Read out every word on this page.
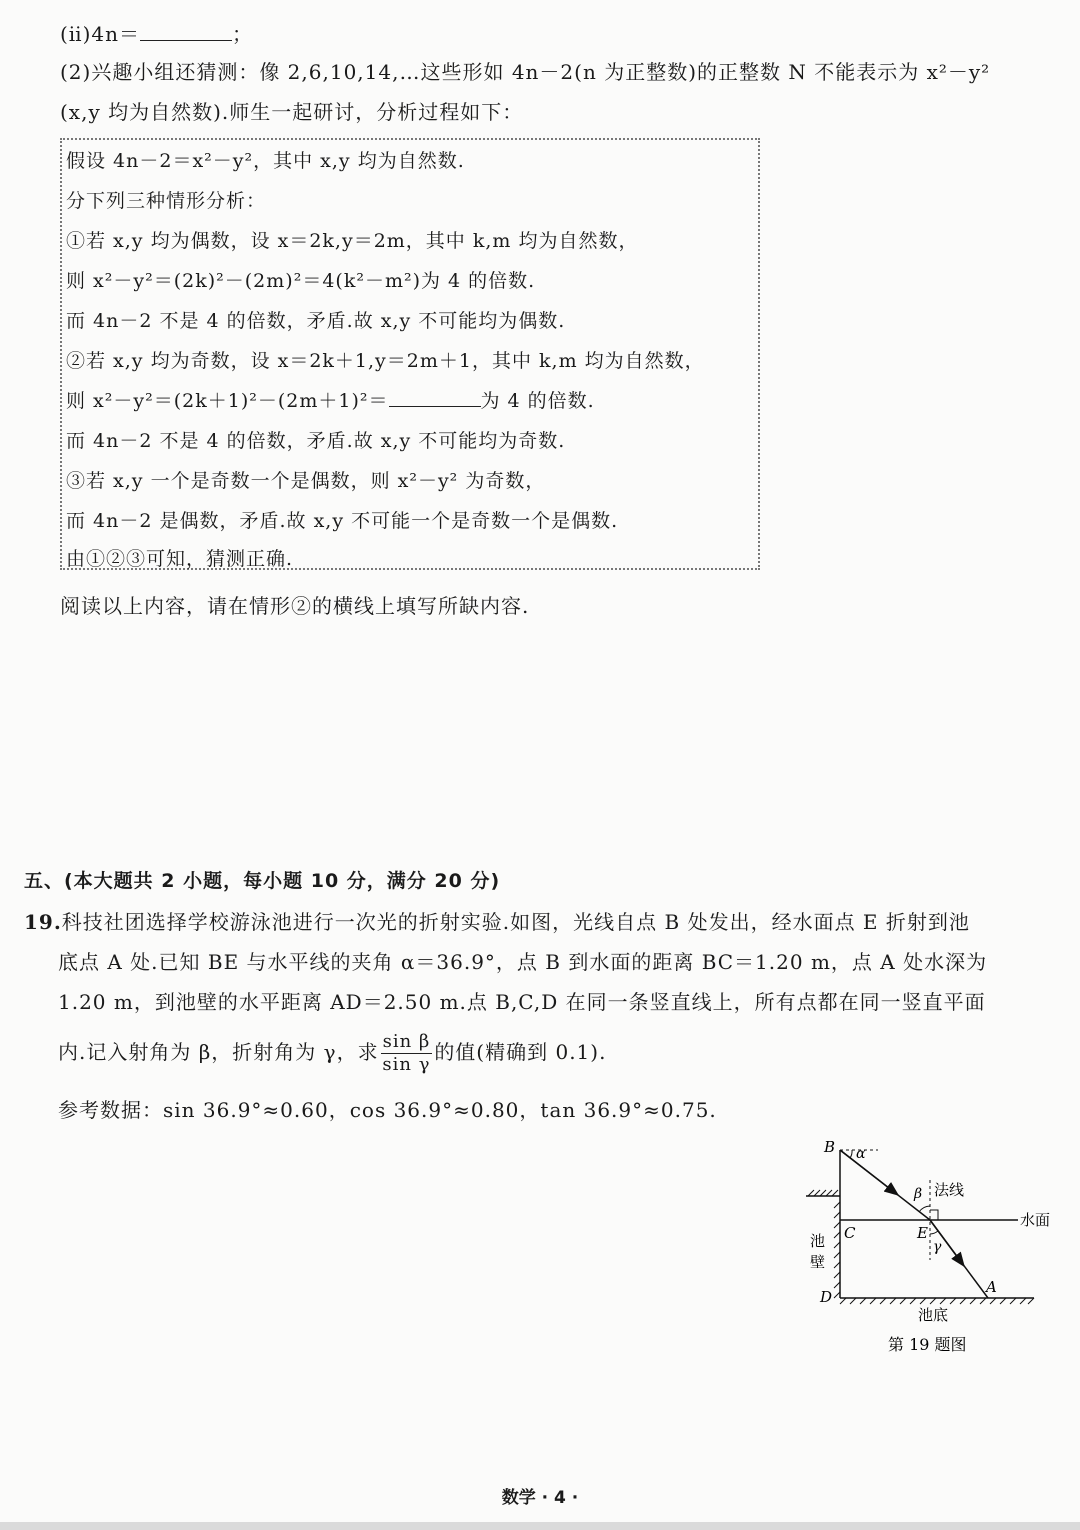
(ⅱ)4n＝	；
(2)兴趣小组还猜测：像 2,6,10,14,…这些形如 4n－2(n 为正整数)的正整数 N 不能表示为 x²－y²
(x,y 均为自然数).师生一起研讨，分析过程如下：
假设 4n－2＝x²－y²，其中 x,y 均为自然数.
分下列三种情形分析：
①若 x,y 均为偶数，设 x＝2k,y＝2m，其中 k,m 均为自然数，
则 x²－y²＝(2k)²－(2m)²＝4(k²－m²)为 4 的倍数.
而 4n－2 不是 4 的倍数，矛盾.故 x,y 不可能均为偶数.
②若 x,y 均为奇数，设 x＝2k＋1,y＝2m＋1，其中 k,m 均为自然数，
则 x²－y²＝(2k＋1)²－(2m＋1)²＝	为 4 的倍数.
而 4n－2 不是 4 的倍数，矛盾.故 x,y 不可能均为奇数.
③若 x,y 一个是奇数一个是偶数，则 x²－y² 为奇数，
而 4n－2 是偶数，矛盾.故 x,y 不可能一个是奇数一个是偶数.
由①②③可知，猜测正确.
阅读以上内容，请在情形②的横线上填写所缺内容.
五、(本大题共 2 小题，每小题 10 分，满分 20 分)
19.科技社团选择学校游泳池进行一次光的折射实验.如图，光线自点 B 处发出，经水面点 E 折射到池
底点 A 处.已知 BE 与水平线的夹角 α＝36.9°，点 B 到水面的距离 BC＝1.20 m，点 A 处水深为
1.20 m，到池壁的水平距离 AD＝2.50 m.点 B,C,D 在同一条竖直线上，所有点都在同一竖直平面
内.记入射角为 β，折射角为 γ，求 $\frac{\text{sin β}}{\text{sin γ}}$ 的值(精确到 0.1).
参考数据：sin 36.9°≈0.60，cos 36.9°≈0.80，tan 36.9°≈0.75.
B α
β 法线
水面
C	E
γ
池
壁
D
A
池底
第 19 题图
数学 · 4 ·
